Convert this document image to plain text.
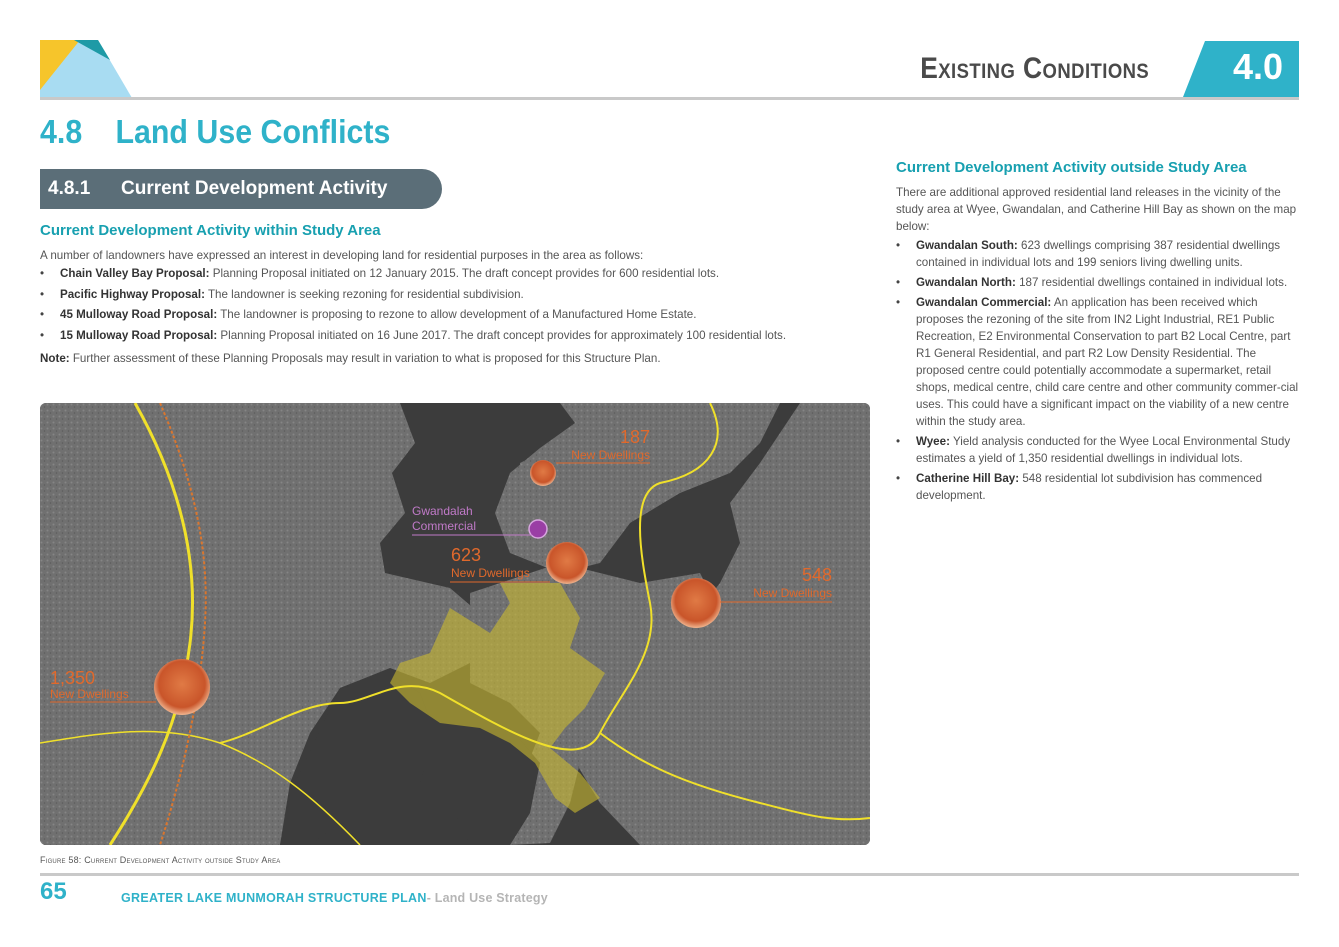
Existing Conditions	4.0
4.8 Land Use Conflicts
4.8.1 Current Development Activity
Current Development Activity within Study Area
A number of landowners have expressed an interest in developing land for residential purposes in the area as follows:
• Chain Valley Bay Proposal: Planning Proposal initiated on 12 January 2015. The draft concept provides for 600 residential lots.
• Pacific Highway Proposal: The landowner is seeking rezoning for residential subdivision.
• 45 Mulloway Road Proposal: The landowner is proposing to rezone to allow development of a Manufactured Home Estate.
• 15 Mulloway Road Proposal: Planning Proposal initiated on 16 June 2017. The draft concept provides for approximately 100 residential lots.
Note: Further assessment of these Planning Proposals may result in variation to what is proposed for this Structure Plan.
Current Development Activity outside Study Area
There are additional approved residential land releases in the vicinity of the study area at Wyee, Gwandalan, and Catherine Hill Bay as shown on the map below:
• Gwandalan South: 623 dwellings comprising 387 residential dwellings contained in individual lots and 199 seniors living dwelling units.
• Gwandalan North: 187 residential dwellings contained in individual lots.
• Gwandalan Commercial: An application has been received which proposes the rezoning of the site from IN2 Light Industrial, RE1 Public Recreation, E2 Environmental Conservation to part B2 Local Centre, part R1 General Residential, and part R2 Low Density Residential. The proposed centre could potentially accommodate a supermarket, retail shops, medical centre, child care centre and other community commer-cial uses. This could have a significant impact on the viability of a new centre within the study area.
• Wyee: Yield analysis conducted for the Wyee Local Environmental Study estimates a yield of 1,350 residential dwellings in individual lots.
• Catherine Hill Bay: 548 residential lot subdivision has commenced development.
187
New Dwellings
Gwandalah
Commercial
623
New Dwellings	548
New Dwellings
1,350
New Dwellings
Figure 58: Current Development Activity outside Study Area
65	GREATER LAKE MUNMORAH STRUCTURE PLAN- Land Use Strategy
